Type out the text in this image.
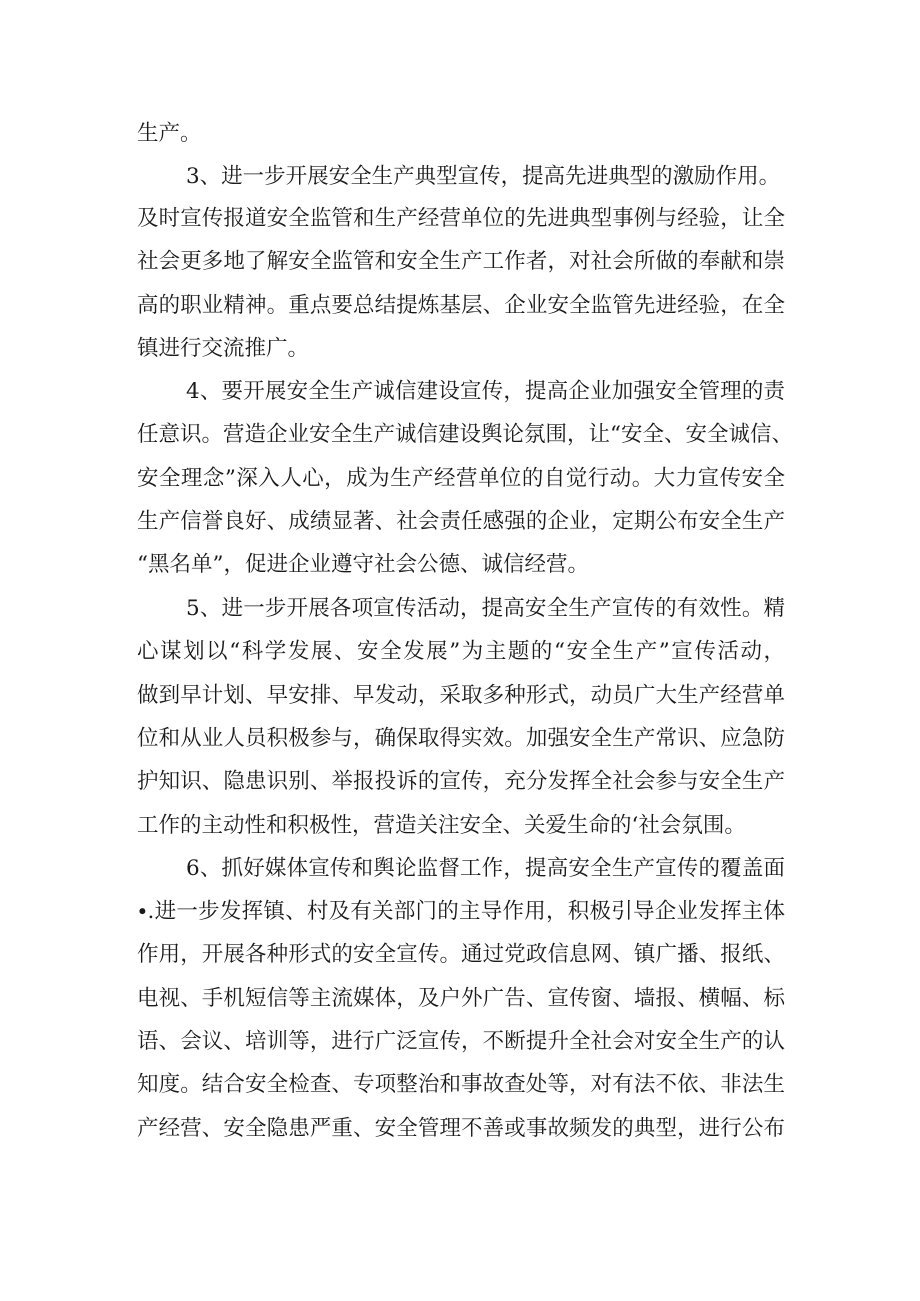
生产。
3、进一步开展安全生产典型宣传，提高先进典型的激励作用。
及时宣传报道安全监管和生产经营单位的先进典型事例与经验，让全
社会更多地了解安全监管和安全生产工作者，对社会所做的奉献和崇
高的职业精神。重点要总结提炼基层、企业安全监管先进经验，在全
镇进行交流推广。
4、要开展安全生产诚信建设宣传，提高企业加强安全管理的责
任意识。营造企业安全生产诚信建设舆论氛围，让“安全、安全诚信、
安全理念”深入人心，成为生产经营单位的自觉行动。大力宣传安全
生产信誉良好、成绩显著、社会责任感强的企业，定期公布安全生产
“黑名单”，促进企业遵守社会公德、诚信经营。
5、进一步开展各项宣传活动，提高安全生产宣传的有效性。精
心谋划以“科学发展、安全发展”为主题的“安全生产”宣传活动，
做到早计划、早安排、早发动，采取多种形式，动员广大生产经营单
位和从业人员积极参与，确保取得实效。加强安全生产常识、应急防
护知识、隐患识别、举报投诉的宣传，充分发挥全社会参与安全生产
工作的主动性和积极性，营造关注安全、关爱生命的‘社会氛围。
6、抓好媒体宣传和舆论监督工作，提高安全生产宣传的覆盖面
∙.进一步发挥镇、村及有关部门的主导作用，积极引导企业发挥主体
作用，开展各种形式的安全宣传。通过党政信息网、镇广播、报纸、
电视、手机短信等主流媒体，及户外广告、宣传窗、墙报、横幅、标
语、会议、培训等，进行广泛宣传，不断提升全社会对安全生产的认
知度。结合安全检查、专项整治和事故查处等，对有法不依、非法生
产经营、安全隐患严重、安全管理不善或事故频发的典型，进行公布
